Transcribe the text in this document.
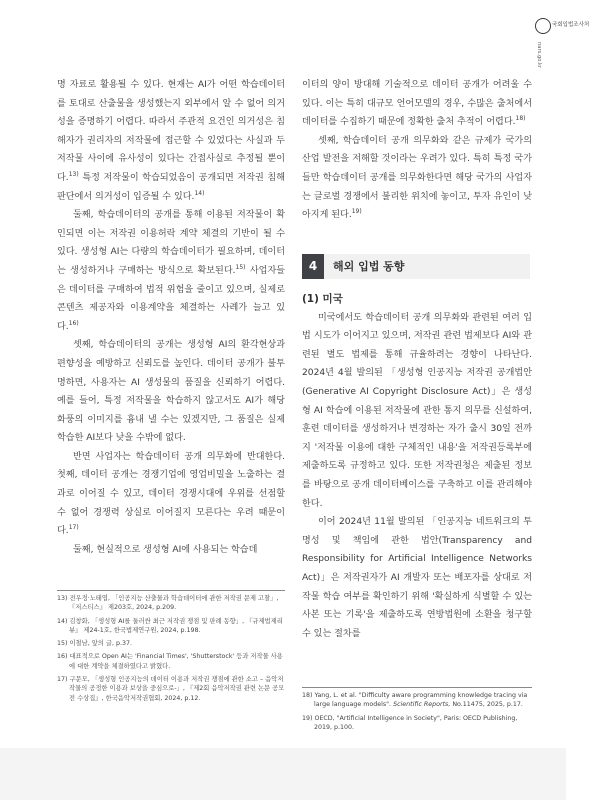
국회입법조사처
nars.go.kr

명 자료로 활용될 수 있다. 현재는 AI가 어떤 학습데이터를 토대로 산출물을 생성했는지 외부에서 알 수 없어 의거성을 증명하기 어렵다. 따라서 주관적 요건인 의거성은 침해자가 권리자의 저작물에 접근할 수 있었다는 사실과 두 저작물 사이에 유사성이 있다는 간접사실로 추정될 뿐이다.$^{13)}$ 특정 저작물이 학습되었음이 공개되면 저작권 침해 판단에서 의거성이 입증될 수 있다.$^{14)}$

둘째, 학습데이터의 공개를 통해 이용된 저작물이 확인되면 이는 저작권 이용허락 계약 체결의 기반이 될 수 있다. 생성형 AI는 다량의 학습데이터가 필요하며, 데이터는 생성하거나 구매하는 방식으로 확보된다.$^{15)}$ 사업자들은 데이터를 구매하여 법적 위험을 줄이고 있으며, 실제로 콘텐츠 제공자와 이용계약을 체결하는 사례가 늘고 있다.$^{16)}$

셋째, 학습데이터의 공개는 생성형 AI의 환각현상과 편향성을 예방하고 신뢰도를 높인다. 데이터 공개가 불투명하면, 사용자는 AI 생성물의 품질을 신뢰하기 어렵다. 예를 들어, 특정 저작물을 학습하지 않고서도 AI가 해당 화풍의 이미지를 흉내 낼 수는 있겠지만, 그 품질은 실제 학습한 AI보다 낮을 수밖에 없다.

반면 사업자는 학습데이터 공개 의무화에 반대한다. 첫째, 데이터 공개는 경쟁기업에 영업비밀을 노출하는 결과로 이어질 수 있고, 데이터 경쟁시대에 우위를 선점할 수 없어 경쟁력 상실로 이어질지 모른다는 우려 때문이다.$^{17)}$

둘째, 현실적으로 생성형 AI에 사용되는 학습데

13) 전우정·노태엽, 「인공지능 산출물과 학습데이터에 관한 저작권 문제 고찰」, 『저스티스』 제203호, 2024, p.209.

14) 김창화, 「생성형 AI를 둘러싼 최근 저작권 쟁점 및 판례 동향」, 『규제법제리뷰』 제24-1호, 한국법제연구원, 2024, p.198.

15) 이철남, 앞의 글, p.37.

16) 대표적으로 Open AI는 'Financial Times', 'Shutterstock' 등과 저작물 사용에 대한 계약을 체결하였다고 밝혔다.

17) 구문모, 「생성형 인공지능의 데이터 이용과 저작권 쟁점에 관한 소고 – 음악저작물의 공정한 이용과 보상을 중심으로-」, 『제2회 음악저작권 관련 논문 공모전 수상집』, 한국음악저작권협회, 2024, p.12.

이터의 양이 방대해 기술적으로 데이터 공개가 어려울 수 있다. 이는 특히 대규모 언어모델의 경우, 수많은 출처에서 데이터를 수집하기 때문에 정확한 출처 추적이 어렵다.$^{18)}$

셋째, 학습데이터 공개 의무화와 같은 규제가 국가의 산업 발전을 저해할 것이라는 우려가 있다. 특히 특정 국가들만 학습데이터 공개를 의무화한다면 해당 국가의 사업자는 글로벌 경쟁에서 불리한 위치에 놓이고, 투자 유인이 낮아지게 된다.$^{19)}$

4	해외 입법 동향

(1) 미국

미국에서도 학습데이터 공개 의무화와 관련된 여러 입법 시도가 이어지고 있으며, 저작권 관련 법제보다 AI와 관련된 별도 법제를 통해 규율하려는 경향이 나타난다. 2024년 4월 발의된 「생성형 인공지능 저작권 공개법안(Generative AI Copyright Disclosure Act)」은 생성형 AI 학습에 이용된 저작물에 관한 통지 의무를 신설하여, 훈련 데이터를 생성하거나 변경하는 자가 출시 30일 전까지 '저작물 이용에 대한 구체적인 내용'을 저작권등록부에 제출하도록 규정하고 있다. 또한 저작권청은 제출된 정보를 바탕으로 공개 데이터베이스를 구축하고 이를 관리해야 한다.

이어 2024년 11월 발의된 「인공지능 네트워크의 투명성 및 책임에 관한 법안(Transparency and Responsibility for Artificial Intelligence Networks Act)」은 저작권자가 AI 개발자 또는 배포자를 상대로 저작물 학습 여부를 확인하기 위해 '확실하게 식별할 수 있는 사본 또는 기록'을 제출하도록 연방법원에 소환을 청구할 수 있는 절차를

18) Yang, L. et al. "Difficulty aware programming knowledge tracing via large language models". Scientific Reports, No.11475, 2025, p.17.

19) OECD, "Artificial Intelligence in Society", Paris: OECD Publishing, 2019, p.100.
